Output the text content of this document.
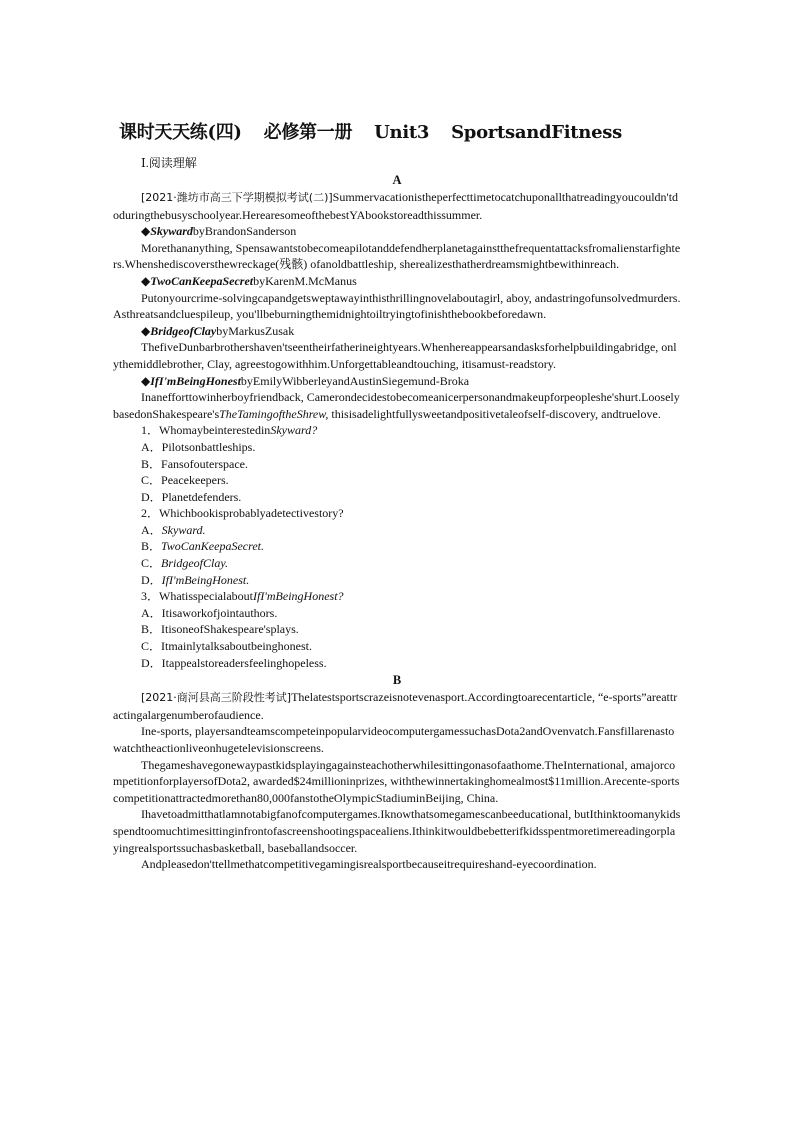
课时天天练(四) 必修第一册 Unit3 SportsandFitness
Ⅰ.阅读理解
A

[2021·潍坊市高三下学期模拟考试(二)]Summervacationistheperfecttimetocatchuponallthatreadingyoucouldn'tdoduringthebusyschoolyear.HerearesomeofthebestYAbookstoreadthissummer.

◆SkywardbyBrandonSanderson

Morethananything, Spensawantstobecomeapilotanddefendherplanetagainstthefrequentattacksfromalienstarfighters.Whenshediscoversthewreckage(残骸) ofanoldbattleship, sherealizesthatherdreamsmightbewithinreach.

◆TwoCanKeepaSecretbyKarenM.McManus

Putonyourcrime-solvingcapandgetsweptawayinthisthrillingnovelaboutagirl, aboy, andastringofunsolvedmurders.Asthreatsandcluespileup, you'llbeburningthemidnightoiltryingtofinishthebookbeforedawn.

◆BridgeofClaybyMarkusZusak

ThefiveDunbarbrothershaven'tseentheirfatherineightyears.Whenhereappearsandasksforhelpbuildingabridge, onlythemiddlebrother, Clay, agreestogowithhim.Unforgettableandtouching, itisamust-readstory.

◆IfI'mBeingHonestbyEmilyWibberleyandAustinSiegemund-Broka

Inanefforttowinherboyfriendback, Camerondecidestobecomeanicerpersonandmakeupforpeopleshe'shurt.LooselybasedonShakespeare'sTheTamingoftheShrew, thisisadelightfullysweetandpositivetaleofself-discovery, andtruelove.

1．WhomaybeinterestedinSkyward?

A．Pilotsonbattleships.

B．Fansofouterspace.

C．Peacekeepers.

D．Planetdefenders.

2．Whichbookisprobablyadetectivestory?

A．Skyward.

B．TwoCanKeepaSecret.

C．BridgeofClay.

D．IfI'mBeingHonest.

3．WhatisspecialaboutIfI'mBeingHonest?

A．Itisaworkofjointauthors.

B．ItisoneofShakespeare'splays.

C．Itmainlytalksaboutbeinghonest.

D．Itappealstoreadersfeelinghopeless.

B

[2021·商河县高三阶段性考试]Thelatestsportscrazeisnotevenasport.Accordingtoarecentarticle, “e-sports”areattractingalargenumberofaudience.

Ine-sports, playersandteamscompeteinpopularvideocomputergamessuchasDota2andOvenvatch.Fansfillarenastowatchtheactionliveonhugetelevisionscreens.

Thegameshavegonewaypastkidsplayingagainsteachotherwhilesittingonasofaathome.TheInternational, amajorcompetitionforplayersofDota2, awarded$24millioninprizes, withthewinnertakinghomealmost$11million.Arecente-sportscompetitionattractedmorethan80,000fanstotheOlympicStadiuminBeijing, China.

Ihavetoadmitthatlamnotabigfanofcomputergames.Iknowthatsomegamescanbeeducational, butIthinktoomanykidsspendtoomuchtimesittinginfrontofascreenshootingspacealiens.Ithinkitwouldbebetterifkidsspentmoretimereadingorplayingrealsportssuchasbasketball, baseballandsoccer.

Andpleasedon'ttellmethatcompetitivegamingisrealsportbecauseitrequireshand-eyecoordination.
